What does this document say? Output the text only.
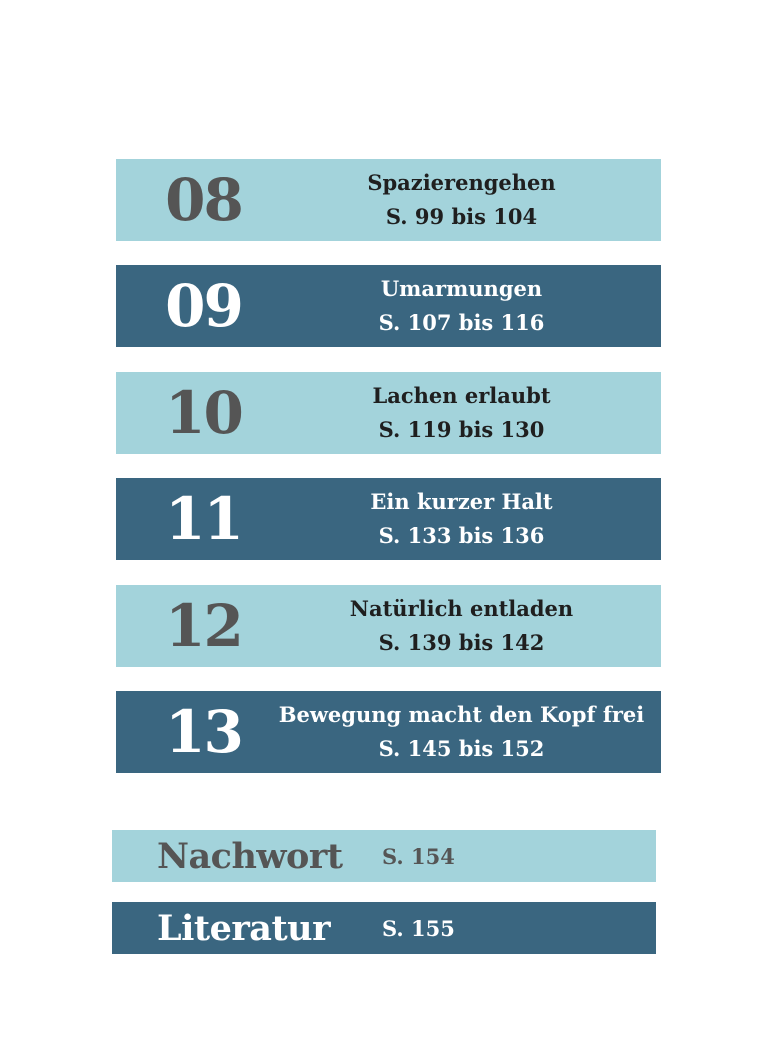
08	Spazierengehen
S. 99 bis 104
09	Umarmungen
S. 107 bis 116
10	Lachen erlaubt
S. 119 bis 130
11	Ein kurzer Halt
S. 133 bis 136
12	Natürlich entladen
S. 139 bis 142
13	Bewegung macht den Kopf frei
S. 145 bis 152
Nachwort S. 154
Literatur S. 155
